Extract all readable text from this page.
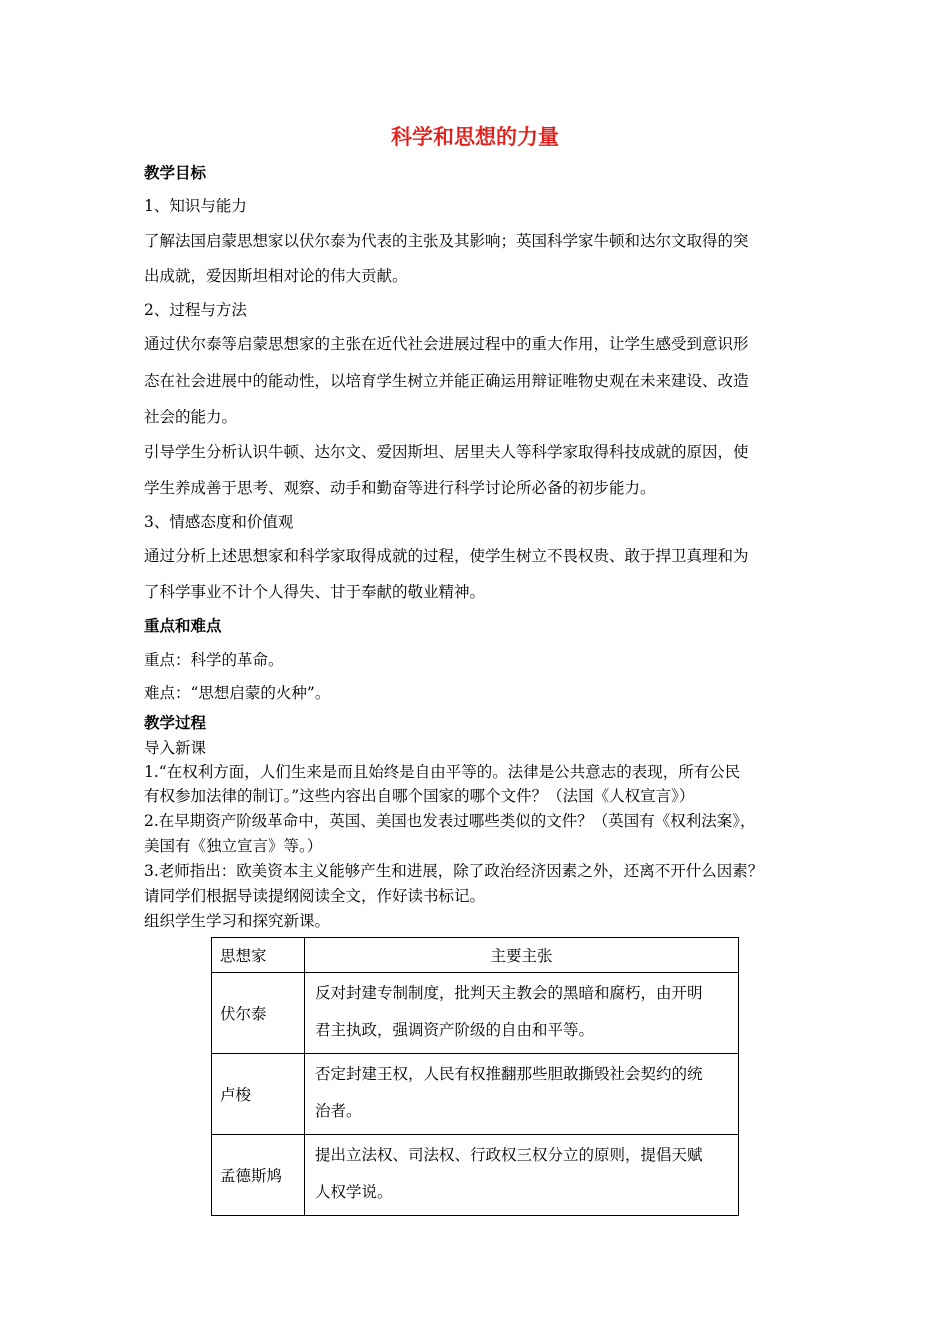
科学和思想的力量
教学目标
1、知识与能力
了解法国启蒙思想家以伏尔泰为代表的主张及其影响；英国科学家牛顿和达尔文取得的突
出成就，爱因斯坦相对论的伟大贡献。
2、过程与方法
通过伏尔泰等启蒙思想家的主张在近代社会进展过程中的重大作用，让学生感受到意识形
态在社会进展中的能动性，以培育学生树立并能正确运用辩证唯物史观在未来建设、改造
社会的能力。
引导学生分析认识牛顿、达尔文、爱因斯坦、居里夫人等科学家取得科技成就的原因，使
学生养成善于思考、观察、动手和勤奋等进行科学讨论所必备的初步能力。
3、情感态度和价值观
通过分析上述思想家和科学家取得成就的过程，使学生树立不畏权贵、敢于捍卫真理和为
了科学事业不计个人得失、甘于奉献的敬业精神。
重点和难点
重点：科学的革命。
难点：“思想启蒙的火种”。
教学过程
导入新课
1.“在权利方面，人们生来是而且始终是自由平等的。法律是公共意志的表现，所有公民
有权参加法律的制订。”这些内容出自哪个国家的哪个文件？（法国《人权宣言》）
2.在早期资产阶级革命中，英国、美国也发表过哪些类似的文件？（英国有《权利法案》，
美国有《独立宣言》等。）
3.老师指出：欧美资本主义能够产生和进展，除了政治经济因素之外，还离不开什么因素？
请同学们根据导读提纲阅读全文，作好读书标记。
组织学生学习和探究新课。
思想家	主要主张
伏尔泰	反对封建专制制度，批判天主教会的黑暗和腐朽，由开明
君主执政，强调资产阶级的自由和平等。

卢梭	否定封建王权，人民有权推翻那些胆敢撕毁社会契约的统
治者。

孟德斯鸠	提出立法权、司法权、行政权三权分立的原则，提倡天赋
人权学说。
